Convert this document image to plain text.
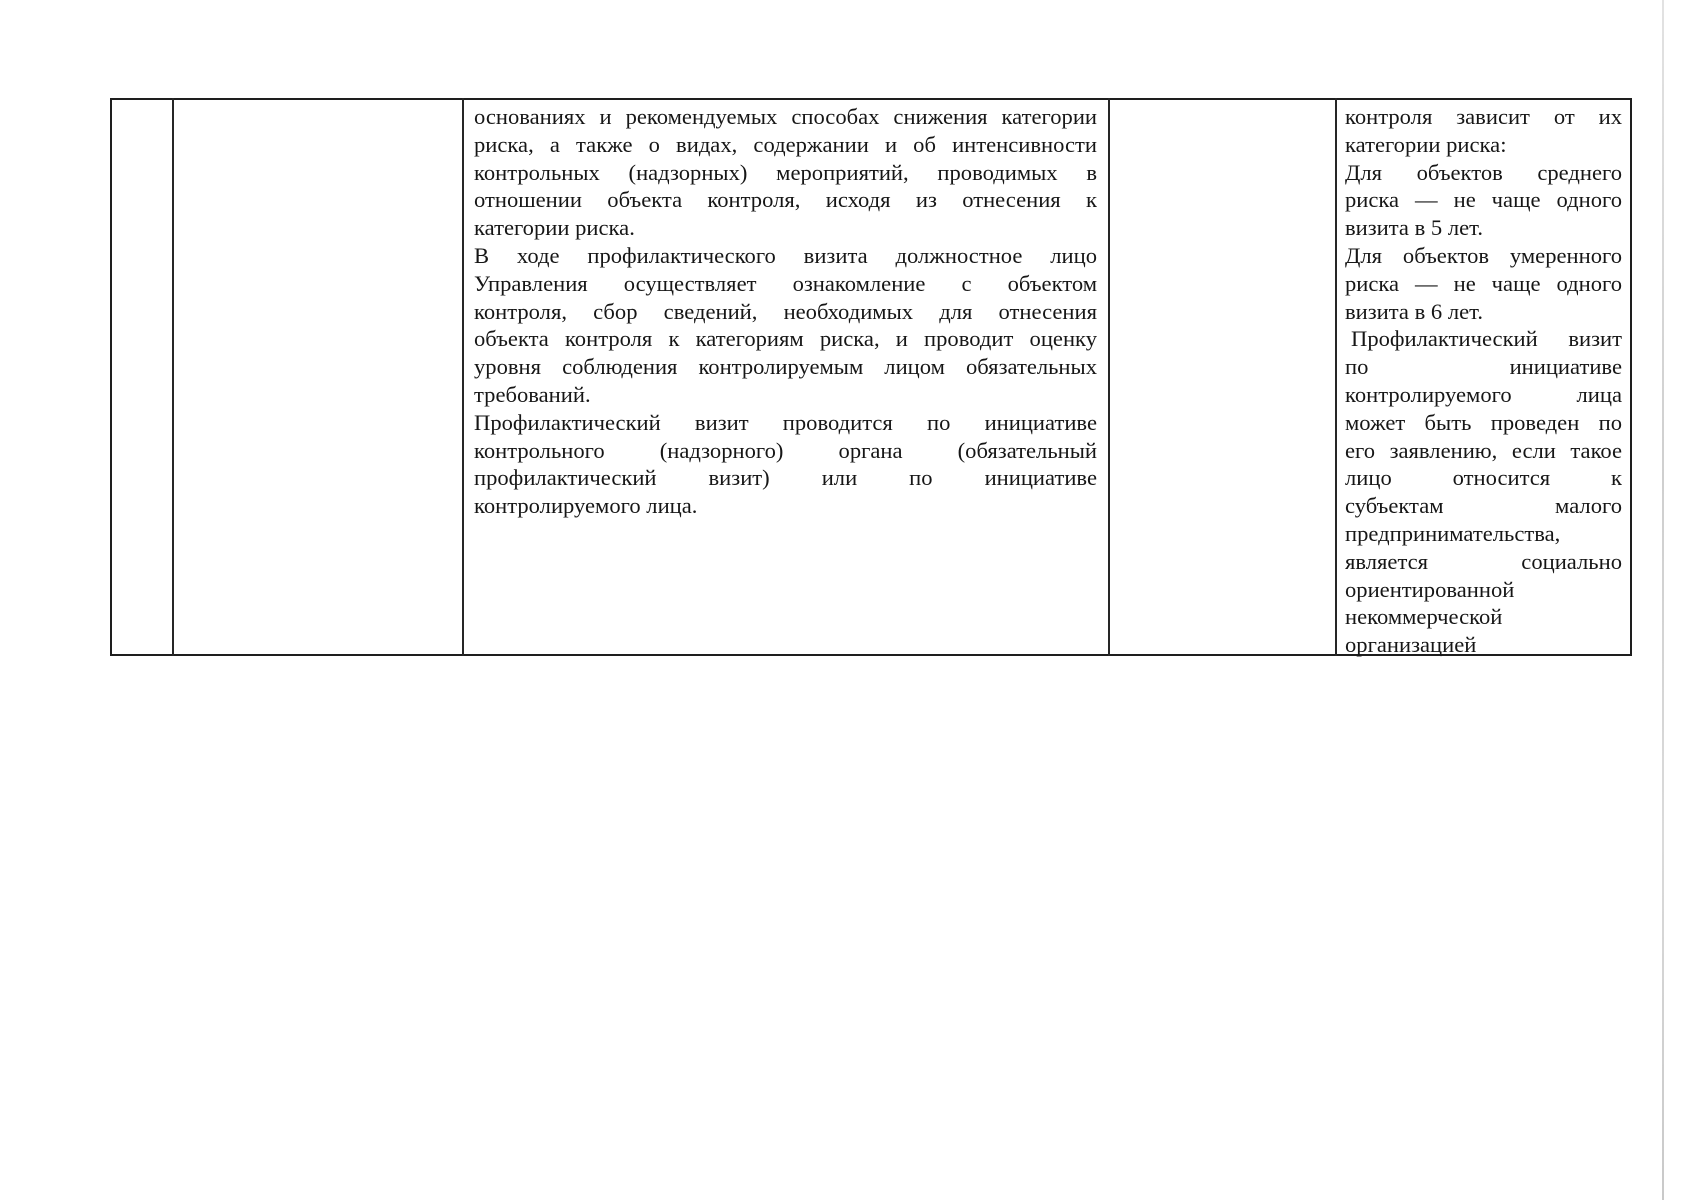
основаниях и рекомендуемых способах снижения категории
риска, а также о видах, содержании и об интенсивности
контрольных (надзорных) мероприятий, проводимых в
отношении объекта контроля, исходя из отнесения к
категории риска.
В ходе профилактического визита должностное лицо
Управления осуществляет ознакомление с объектом
контроля, сбор сведений, необходимых для отнесения
объекта контроля к категориям риска, и проводит оценку
уровня соблюдения контролируемым лицом обязательных
требований.
Профилактический визит проводится по инициативе
контрольного (надзорного) органа (обязательный
профилактический визит) или по инициативе
контролируемого лица.
контроля зависит от их
категории риска:
Для объектов среднего
риска — не чаще одного
визита в 5 лет.
Для объектов умеренного
риска — не чаще одного
визита в 6 лет.
Профилактический визит
по инициативе
контролируемого лица
может быть проведен по
его заявлению, если такое
лицо относится к
субъектам малого
предпринимательства,
является социально
ориентированной
некоммерческой
организацией
